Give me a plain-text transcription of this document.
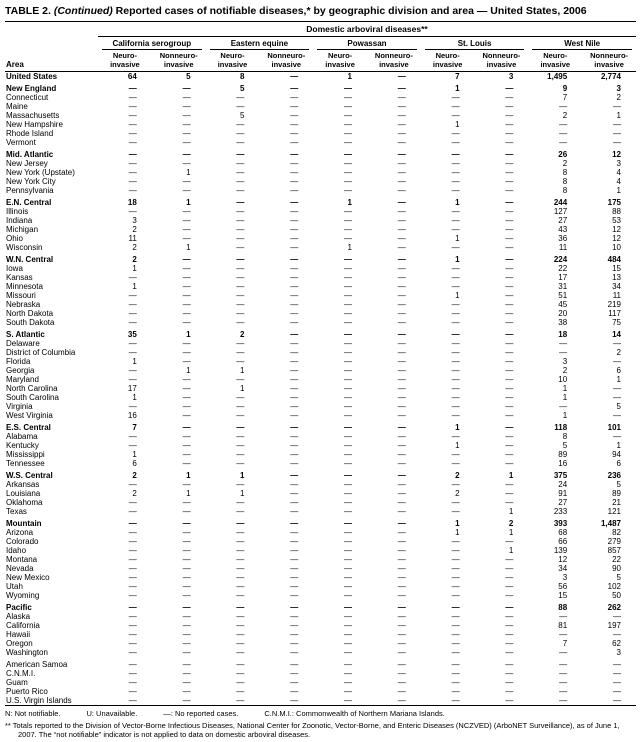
TABLE 2. (Continued) Reported cases of notifiable diseases,* by geographic division and area — United States, 2006
Area	Domestic arboviral diseases**									

	California serogroup		Eastern equine		Powassan		St. Louis		West Nile	

Neuro-
invasive

Nonneuro-
invasive

Neuro-
invasive

Nonneuro-
invasive

Neuro-
invasive

Nonneuro-
invasive

Neuro-
invasive

Nonneuro-
invasive

Neuro-
invasive

Nonneuro-
invasive

United States	64	5	8	—	1	—	7	3	1,495	2,774

New England	—	—	5	—	—	—	1	—	9	3
Connecticut	—	—	—	—	—	—	—	—	7	2
Maine	—	—	—	—	—	—	—	—	—	—
Massachusetts	—	—	5	—	—	—	—	—	2	1
New Hampshire	—	—	—	—	—	—	1	—	—	—
Rhode Island	—	—	—	—	—	—	—	—	—	—
Vermont	—	—	—	—	—	—	—	—	—	—

Mid. Atlantic	—	—	—	—	—	—	—	—	26	12
New Jersey	—	—	—	—	—	—	—	—	2	3
New York (Upstate)	—	1	—	—	—	—	—	—	8	4
New York City	—	—	—	—	—	—	—	—	8	4
Pennsylvania	—	—	—	—	—	—	—	—	8	1

E.N. Central	18	1	—	—	1	—	1	—	244	175
Illinois	—	—	—	—	—	—	—	—	127	88
Indiana	3	—	—	—	—	—	—	—	27	53
Michigan	2	—	—	—	—	—	—	—	43	12
Ohio	11	—	—	—	—	—	1	—	36	12
Wisconsin	2	1	—	—	1	—	—	—	11	10

W.N. Central	2	—	—	—	—	—	1	—	224	484
Iowa	1	—	—	—	—	—	—	—	22	15
Kansas	—	—	—	—	—	—	—	—	17	13
Minnesota	1	—	—	—	—	—	—	—	31	34
Missouri	—	—	—	—	—	—	1	—	51	11
Nebraska	—	—	—	—	—	—	—	—	45	219
North Dakota	—	—	—	—	—	—	—	—	20	117
South Dakota	—	—	—	—	—	—	—	—	38	75

S. Atlantic	35	1	2	—	—	—	—	—	18	14
Delaware	—	—	—	—	—	—	—	—	—	—
District of Columbia	—	—	—	—	—	—	—	—	—	2
Florida	1	—	—	—	—	—	—	—	3	—
Georgia	—	1	1	—	—	—	—	—	2	6
Maryland	—	—	—	—	—	—	—	—	10	1
North Carolina	17	—	1	—	—	—	—	—	1	—
South Carolina	1	—	—	—	—	—	—	—	1	—
Virginia	—	—	—	—	—	—	—	—	—	5
West Virginia	16	—	—	—	—	—	—	—	1	—

E.S. Central	7	—	—	—	—	—	1	—	118	101
Alabama	—	—	—	—	—	—	—	—	8	—
Kentucky	—	—	—	—	—	—	1	—	5	1
Mississippi	1	—	—	—	—	—	—	—	89	94
Tennessee	6	—	—	—	—	—	—	—	16	6

W.S. Central	2	1	1	—	—	—	2	1	375	236
Arkansas	—	—	—	—	—	—	—	—	24	5
Louisiana	2	1	1	—	—	—	2	—	91	89
Oklahoma	—	—	—	—	—	—	—	—	27	21
Texas	—	—	—	—	—	—	—	1	233	121

Mountain	—	—	—	—	—	—	1	2	393	1,487
Arizona	—	—	—	—	—	—	1	1	68	82
Colorado	—	—	—	—	—	—	—	—	66	279
Idaho	—	—	—	—	—	—	—	1	139	857
Montana	—	—	—	—	—	—	—	—	12	22
Nevada	—	—	—	—	—	—	—	—	34	90
New Mexico	—	—	—	—	—	—	—	—	3	5
Utah	—	—	—	—	—	—	—	—	56	102
Wyoming	—	—	—	—	—	—	—	—	15	50

Pacific	—	—	—	—	—	—	—	—	88	262
Alaska	—	—	—	—	—	—	—	—	—	—
California	—	—	—	—	—	—	—	—	81	197
Hawaii	—	—	—	—	—	—	—	—	—	—
Oregon	—	—	—	—	—	—	—	—	7	62
Washington	—	—	—	—	—	—	—	—	—	3

American Samoa	—	—	—	—	—	—	—	—	—	—
C.N.M.I.	—	—	—	—	—	—	—	—	—	—
Guam	—	—	—	—	—	—	—	—	—	—
Puerto Rico	—	—	—	—	—	—	—	—	—	—
U.S. Virgin Islands	—	—	—	—	—	—	—	—	—	—
N: Not notifiable.	U: Unavailable.	—: No reported cases.	C.N.M.I.: Commonwealth of Northern Mariana Islands.
** Totals reported to the Division of Vector-Borne Infectious Diseases, National Center for Zoonotic, Vector-Borne, and Enteric Diseases (NCZVED) (ArboNET Surveillance), as of June 1, 2007. The “not notifiable” indicator is not applied to data on domestic arboviral diseases.
